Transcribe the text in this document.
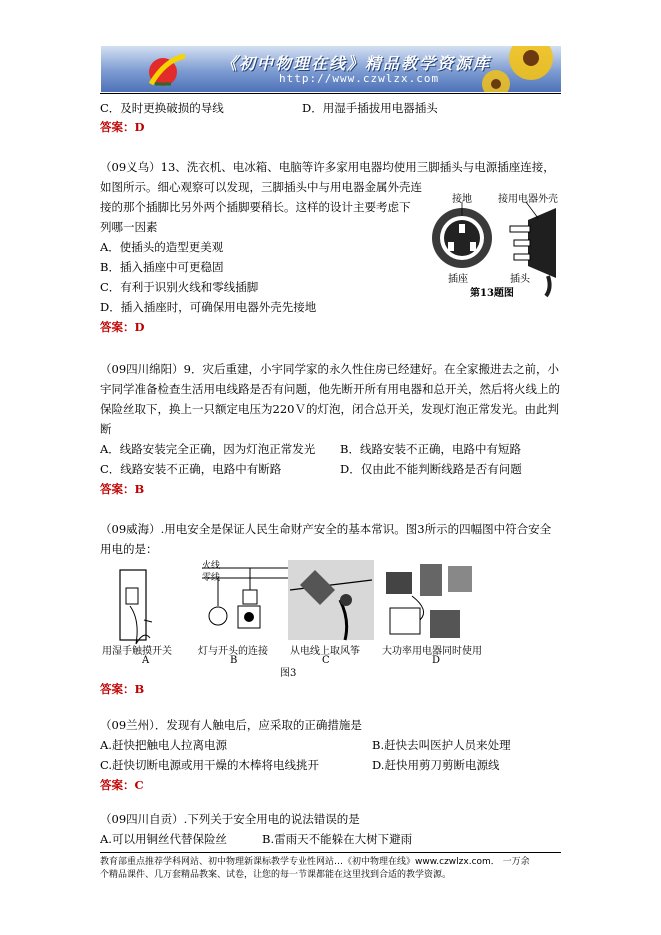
《初中物理在线》精品教学资源库
http://www.czwlzx.com
C．及时更换破损的导线	D．用湿手插拔用电器插头
答案：D
（09义乌）13、洗衣机、电冰箱、电脑等许多家用电器均使用三脚插头与电源插座连接，
如图所示。细心观察可以发现，三脚插头中与用电器金属外壳连
接的那个插脚比另外两个插脚要稍长。这样的设计主要考虑下
列哪一因素
A．使插头的造型更美观
B．插入插座中可更稳固
C．有利于识别火线和零线插脚
D．插入插座时，可确保用电器外壳先接地
答案：D
接地	接用电器外壳
插座	插头
第13题图
（09四川绵阳）9．灾后重建，小宇同学家的永久性住房已经建好。在全家搬进去之前，小
宇同学准备检查生活用电线路是否有问题，他先断开所有用电器和总开关，然后将火线上的
保险丝取下，换上一只额定电压为220Ｖ的灯泡，闭合总开关，发现灯泡正常发光。由此判
断
A．线路安装完全正确，因为灯泡正常发光 B．线路安装不正确，电路中有短路
C．线路安装不正确，电路中有断路	D．仅由此不能判断线路是否有问题
答案：B
（09威海）.用电安全是保证人民生命财产安全的基本常识。图3所示的四幅图中符合安全
用电的是：
火线
零线
用湿手触摸开关	灯与开头的连接 从电线上取风筝 大功率用电器同时使用
A	B	C	D
图3
答案：B
（09兰州）．发现有人触电后，应采取的正确措施是
A.赶快把触电人拉离电源	B.赶快去叫医护人员来处理
C.赶快切断电源或用干燥的木棒将电线挑开	D.赶快用剪刀剪断电源线
答案：C
（09四川自贡）.下列关于安全用电的说法错误的是
A.可以用铜丝代替保险丝	B.雷雨天不能躲在大树下避雨
教育部重点推荐学科网站、初中物理新课标教学专业性网站…《初中物理在线》www.czwlzx.com． 一万余
个精品课件、几万套精品教案、试卷，让您的每一节课都能在这里找到合适的教学资源。
